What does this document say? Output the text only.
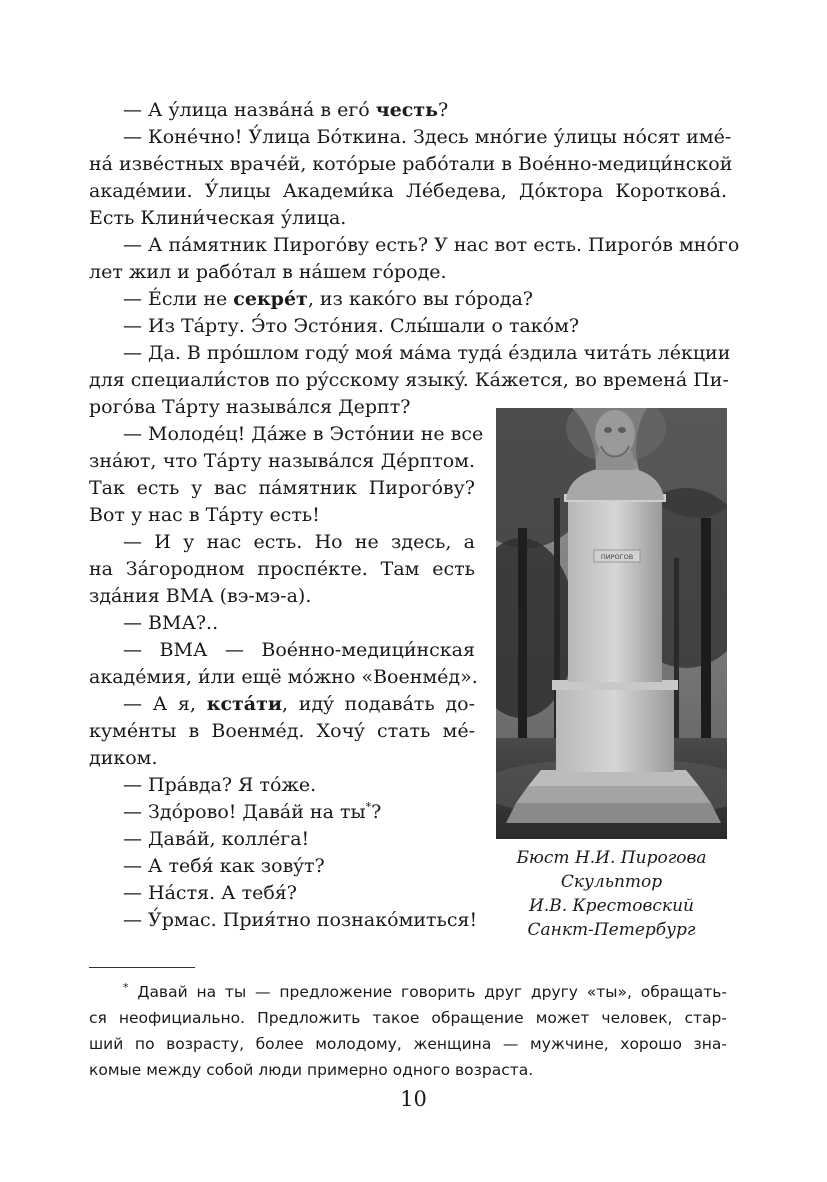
— А у́лица назвáнá в егó честь?
— Конéчно! У́лица Бóткина. Здесь мнóгие у́лицы нóсят имé-
нá извéстных врачéй, котóрые рабóтали в Вое́нно-медици́нской
акадéмии. У́лицы Академи́ка Лéбедева, Дóктора Коротковá.
Есть Клини́ческая у́лица.
— А пáмятник Пирогóву есть? У нас вот есть. Пирогóв мнóго
лет жил и рабóтал в нáшем гóроде.
— Éсли не секрéт, из какóго вы гóрода?
— Из Тáрту. Э́то Эстóния. Слы́шали о такóм?
— Да. В прóшлом годý моя́ мáма тудá éздила читáть лéкции
для специали́стов по рýсскому языкý. Кáжется, во временá Пи-
рогóва Тáрту называ́лся Дерпт?
— Молодéц! Дáже в Эстóнии не все
знáют, что Тáрту называ́лся Дéрптом.
Так есть у вас пáмятник Пирогóву?
Вот у нас в Тáрту есть!
— И у нас есть. Но не здесь, а
на Зáгородном проспéкте. Там есть
здáния ВМА (вэ-мэ-а).
— ВМА?..
— ВМА — Вое́нно-медици́нская
акадéмия, и́ли ещё мóжно «Военмéд».
— А я, кстáти, идý подавáть до-
кумéнты в Военмéд. Хочý стать мé-
диком.
— Прáвда? Я тóже.
— Здóрово! Давáй на ты*?
— Давáй, коллéга!
— А тебя́ как зовýт?
— Нáстя. А тебя́?
— У́рмас. Прия́тно познакóмиться!
ПИРОГОВ
Бюст Н.И. Пирогова
Скульптор
И.В. Крестовский
Санкт-Петербург
* Давай на ты — предложение говорить друг другу «ты», обращать-
ся неофициально. Предложить такое обращение может человек, стар-
ший по возрасту, более молодому, женщина — мужчине, хорошо зна-
комые между собой люди примерно одного возраста.
10
